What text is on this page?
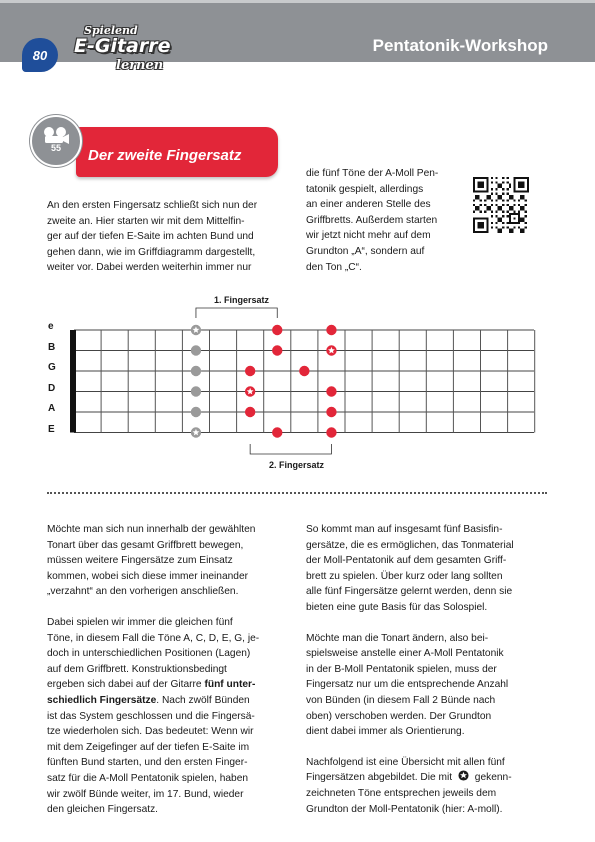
80
Spielend
E-Gitarre
lernen
Pentatonik-Workshop
Der zweite Fingersatz
55
An den ersten Fingersatz schließt sich nun der
zweite an. Hier starten wir mit dem Mittelfin-
ger auf der tiefen E-Saite im achten Bund und
gehen dann, wie im Griffdiagramm dargestellt,
weiter vor. Dabei werden weiterhin immer nur
die fünf Töne der A-Moll Pen-
tatonik gespielt, allerdings
an einer anderen Stelle des
Griffbretts. Außerdem starten
wir jetzt nicht mehr auf dem
Grundton „A“, sondern auf
den Ton „C“.
e
B
G
D
A
E
1. Fingersatz
2. Fingersatz
Möchte man sich nun innerhalb der gewählten
Tonart über das gesamt Griffbrett bewegen,
müssen weitere Fingersätze zum Einsatz
kommen, wobei sich diese immer ineinander
„verzahnt“ an den vorherigen anschließen.
Dabei spielen wir immer die gleichen fünf
Töne, in diesem Fall die Töne A, C, D, E, G, je-
doch in unterschiedlichen Positionen (Lagen)
auf dem Griffbrett. Konstruktionsbedingt
ergeben sich dabei auf der Gitarre fünf unter-
schiedlich Fingersätze. Nach zwölf Bünden
ist das System geschlossen und die Fingersä-
tze wiederholen sich. Das bedeutet: Wenn wir
mit dem Zeigefinger auf der tiefen E-Saite im
fünften Bund starten, und den ersten Finger-
satz für die A-Moll Pentatonik spielen, haben
wir zwölf Bünde weiter, im 17. Bund, wieder
den gleichen Fingersatz.
So kommt man auf insgesamt fünf Basisfin-
gersätze, die es ermöglichen, das Tonmaterial
der Moll-Pentatonik auf dem gesamten Griff-
brett zu spielen. Über kurz oder lang sollten
alle fünf Fingersätze gelernt werden, denn sie
bieten eine gute Basis für das Solospiel.
Möchte man die Tonart ändern, also bei-
spielsweise anstelle einer A-Moll Pentatonik
in der B-Moll Pentatonik spielen, muss der
Fingersatz nur um die entsprechende Anzahl
von Bünden (in diesem Fall 2 Bünde nach
oben) verschoben werden. Der Grundton
dient dabei immer als Orientierung.
Nachfolgend ist eine Übersicht mit allen fünf
Fingersätzen abgebildet. Die mit gekenn-
zeichneten Töne entsprechen jeweils dem
Grundton der Moll-Pentatonik (hier: A-moll).
